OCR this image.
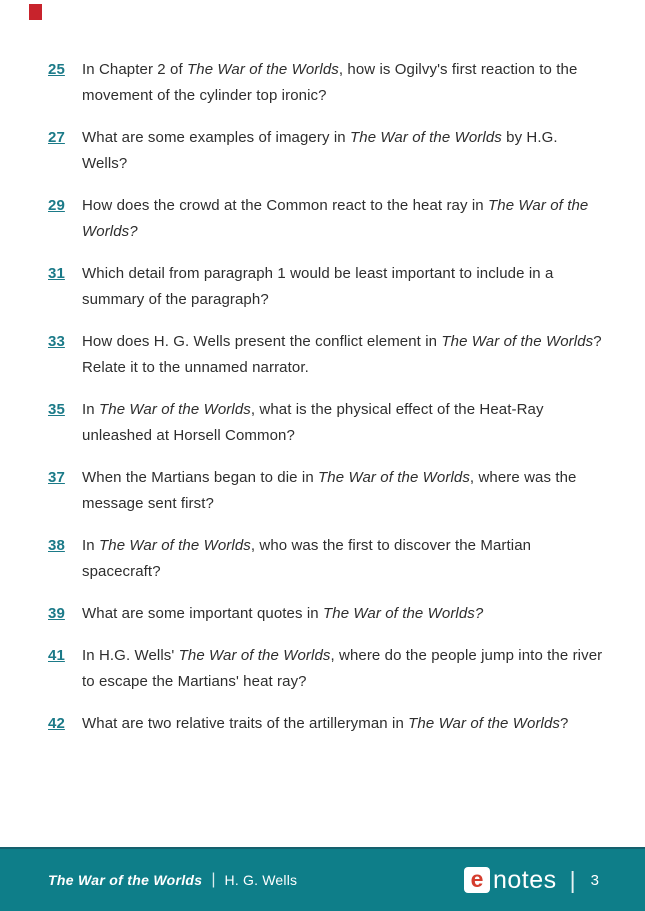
25	In Chapter 2 of The War of the Worlds, how is Ogilvy's first reaction to the movement of the cylinder top ironic?
27	What are some examples of imagery in The War of the Worlds by H.G. Wells?
29	How does the crowd at the Common react to the heat ray in The War of the Worlds?
31	Which detail from paragraph 1 would be least important to include in a summary of the paragraph?
33	How does H. G. Wells present the conflict element in The War of the Worlds? Relate it to the unnamed narrator.
35	In The War of the Worlds, what is the physical effect of the Heat-Ray unleashed at Horsell Common?
37	When the Martians began to die in The War of the Worlds, where was the message sent first?
38	In The War of the Worlds, who was the first to discover the Martian spacecraft?
39	What are some important quotes in The War of the Worlds?
41	In H.G. Wells' The War of the Worlds, where do the people jump into the river to escape the Martians' heat ray?
42	What are two relative traits of the artilleryman in The War of the Worlds?
The War of the Worlds | H. G. Wells	e notes | 3
